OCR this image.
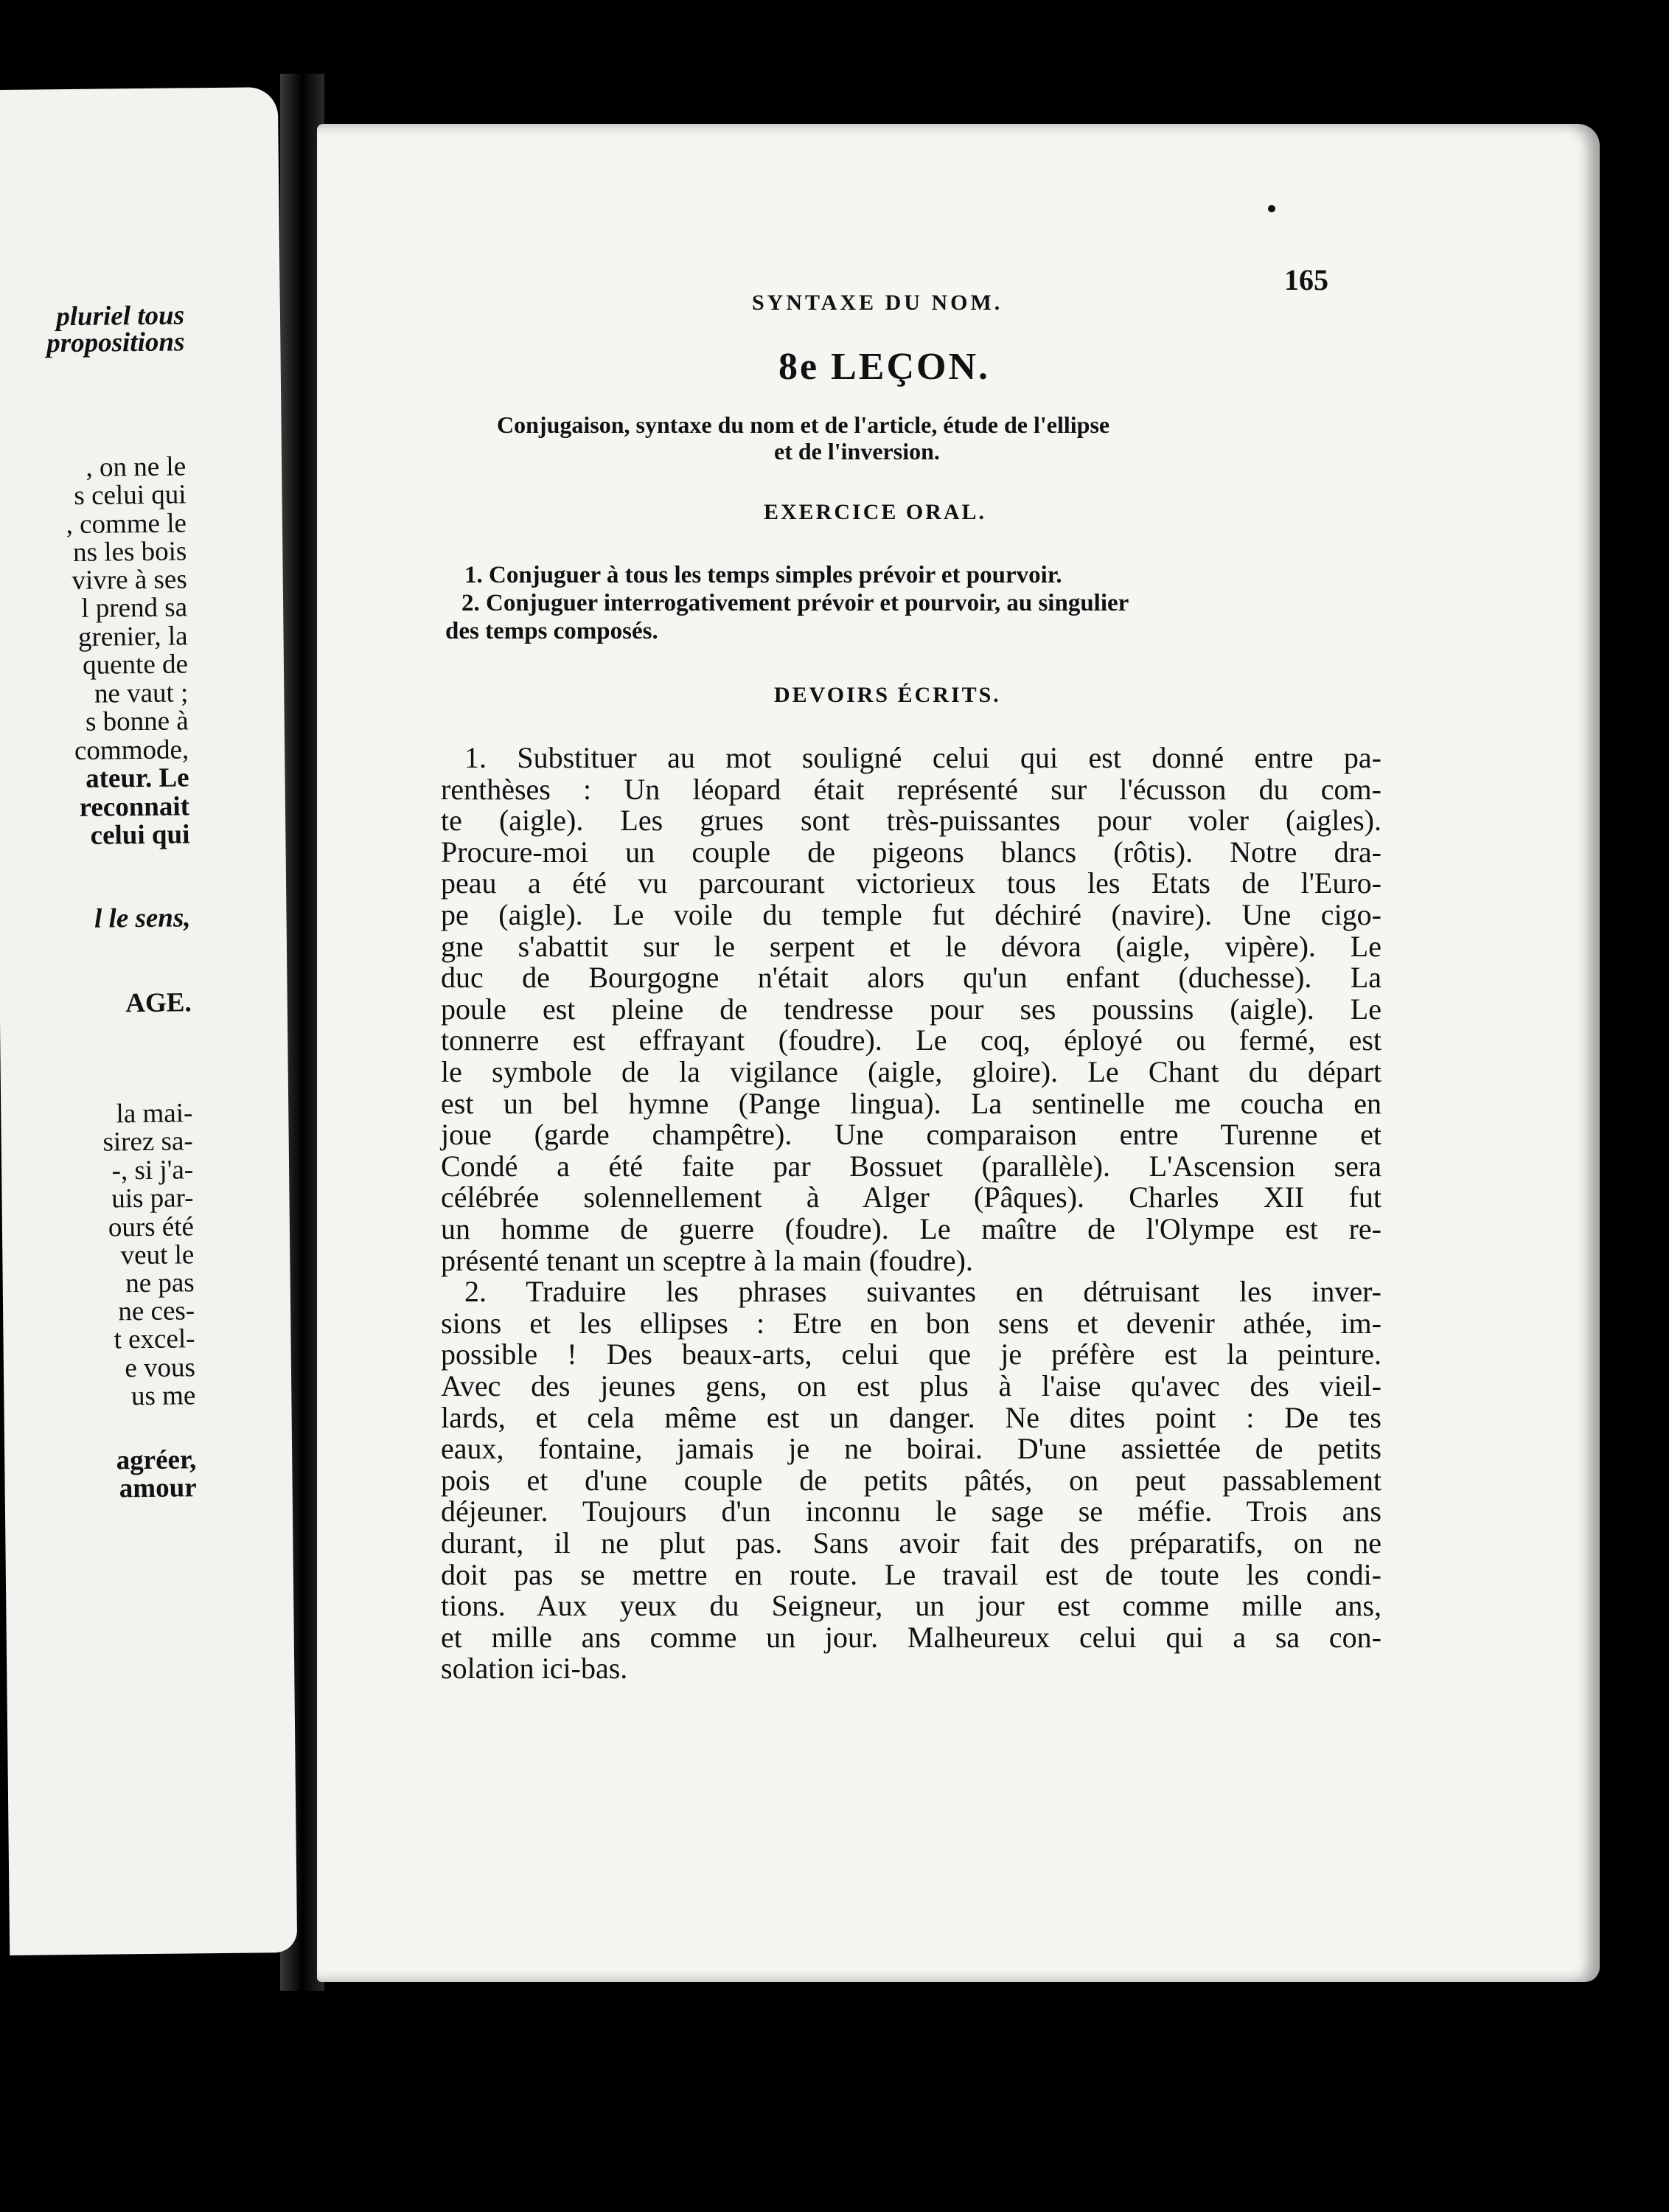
pluriel tous
propositions
, on ne le
s celui qui
, comme le
ns les bois
vivre à ses
l prend sa
grenier, la
quente de
ne vaut ;
s bonne à
commode,
ateur. Le
reconnait
celui qui
l le sens,
AGE.
la mai-
sirez sa-
-, si j'a-
uis par-
ours été
veut le
ne pas
ne ces-
t excel-
e vous
us me
agréer,
amour
SYNTAXE DU NOM.
165
8e LEÇON.
Conjugaison, syntaxe du nom et de l'article, étude de l'ellipse
et de l'inversion.
EXERCICE ORAL.
1. Conjuguer à tous les temps simples prévoir et pourvoir.
2. Conjuguer interrogativement prévoir et pourvoir, au singulier
des temps composés.
DEVOIRS ÉCRITS.
1. Substituer au mot souligné celui qui est donné entre pa-
renthèses : Un léopard était représenté sur l'écusson du com-
te (aigle). Les grues sont très-puissantes pour voler (aigles).
Procure-moi un couple de pigeons blancs (rôtis). Notre dra-
peau a été vu parcourant victorieux tous les Etats de l'Euro-
pe (aigle). Le voile du temple fut déchiré (navire). Une cigo-
gne s'abattit sur le serpent et le dévora (aigle, vipère). Le
duc de Bourgogne n'était alors qu'un enfant (duchesse). La
poule est pleine de tendresse pour ses poussins (aigle). Le
tonnerre est effrayant (foudre). Le coq, éployé ou fermé, est
le symbole de la vigilance (aigle, gloire). Le Chant du départ
est un bel hymne (Pange lingua). La sentinelle me coucha en
joue (garde champêtre). Une comparaison entre Turenne et
Condé a été faite par Bossuet (parallèle). L'Ascension sera
célébrée solennellement à Alger (Pâques). Charles XII fut
un homme de guerre (foudre). Le maître de l'Olympe est re-
présenté tenant un sceptre à la main (foudre).
2. Traduire les phrases suivantes en détruisant les inver-
sions et les ellipses : Etre en bon sens et devenir athée, im-
possible ! Des beaux-arts, celui que je préfère est la peinture.
Avec des jeunes gens, on est plus à l'aise qu'avec des vieil-
lards, et cela même est un danger. Ne dites point : De tes
eaux, fontaine, jamais je ne boirai. D'une assiettée de petits
pois et d'une couple de petits pâtés, on peut passablement
déjeuner. Toujours d'un inconnu le sage se méfie. Trois ans
durant, il ne plut pas. Sans avoir fait des préparatifs, on ne
doit pas se mettre en route. Le travail est de toute les condi-
tions. Aux yeux du Seigneur, un jour est comme mille ans,
et mille ans comme un jour. Malheureux celui qui a sa con-
solation ici-bas.
